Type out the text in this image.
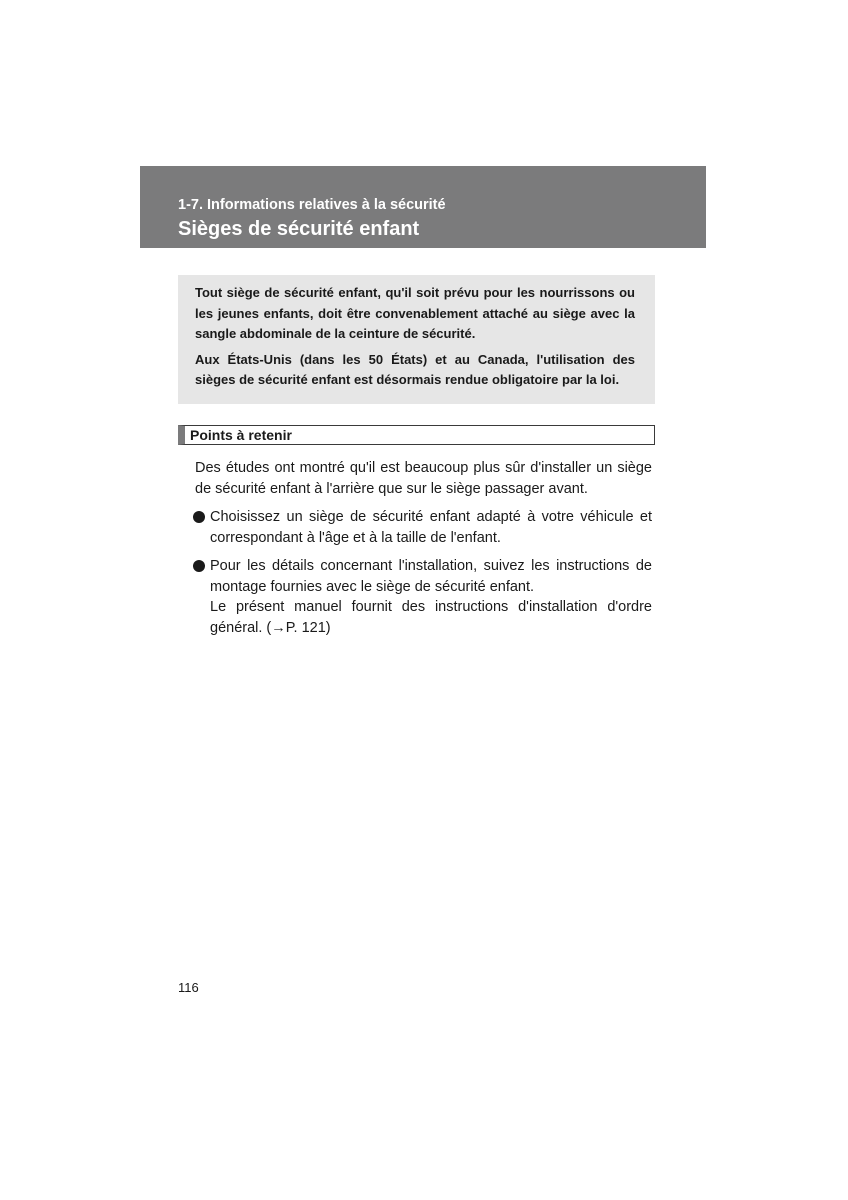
1-7. Informations relatives à la sécurité
Sièges de sécurité enfant

Tout siège de sécurité enfant, qu'il soit prévu pour les nourrissons ou les jeunes enfants, doit être convenablement attaché au siège avec la sangle abdominale de la ceinture de sécurité.

Aux États-Unis (dans les 50 États) et au Canada, l'utilisation des sièges de sécurité enfant est désormais rendue obligatoire par la loi.

Points à retenir

Des études ont montré qu'il est beaucoup plus sûr d'installer un siège de sécurité enfant à l'arrière que sur le siège passager avant.

Choisissez un siège de sécurité enfant adapté à votre véhicule et correspondant à l'âge et à la taille de l'enfant.
Pour les détails concernant l'installation, suivez les instructions de montage fournies avec le siège de sécurité enfant.
Le présent manuel fournit des instructions d'installation d'ordre général. (→P. 121)
116
